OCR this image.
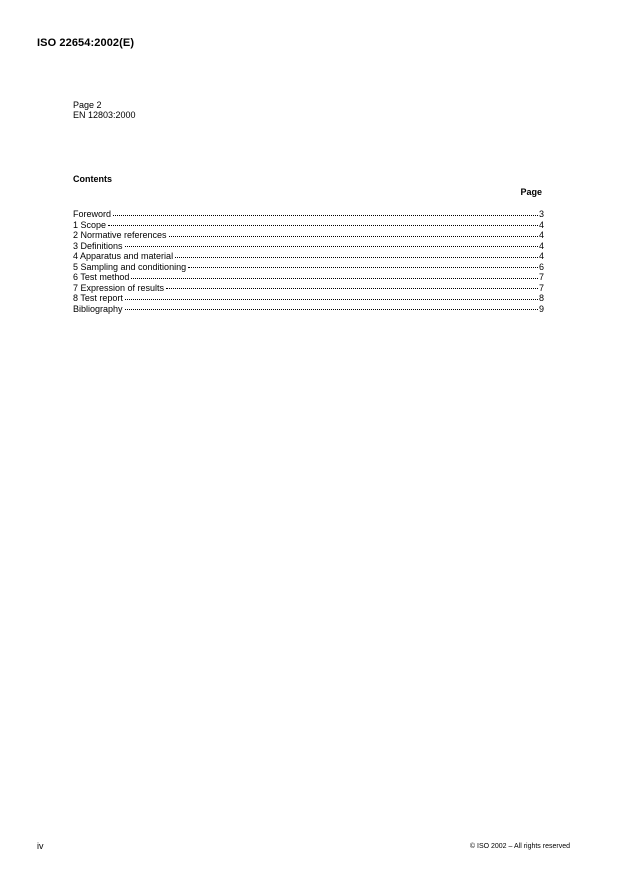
ISO 22654:2002(E)
Page 2
EN 12803:2000
Contents
Page
Foreword	3
1 Scope	4
2 Normative references	4
3 Definitions	4
4 Apparatus and material	4
5 Sampling and conditioning	6
6 Test method	7
7 Expression of results	7
8 Test report	8
Bibliography	9
iv	© ISO 2002 – All rights reserved
